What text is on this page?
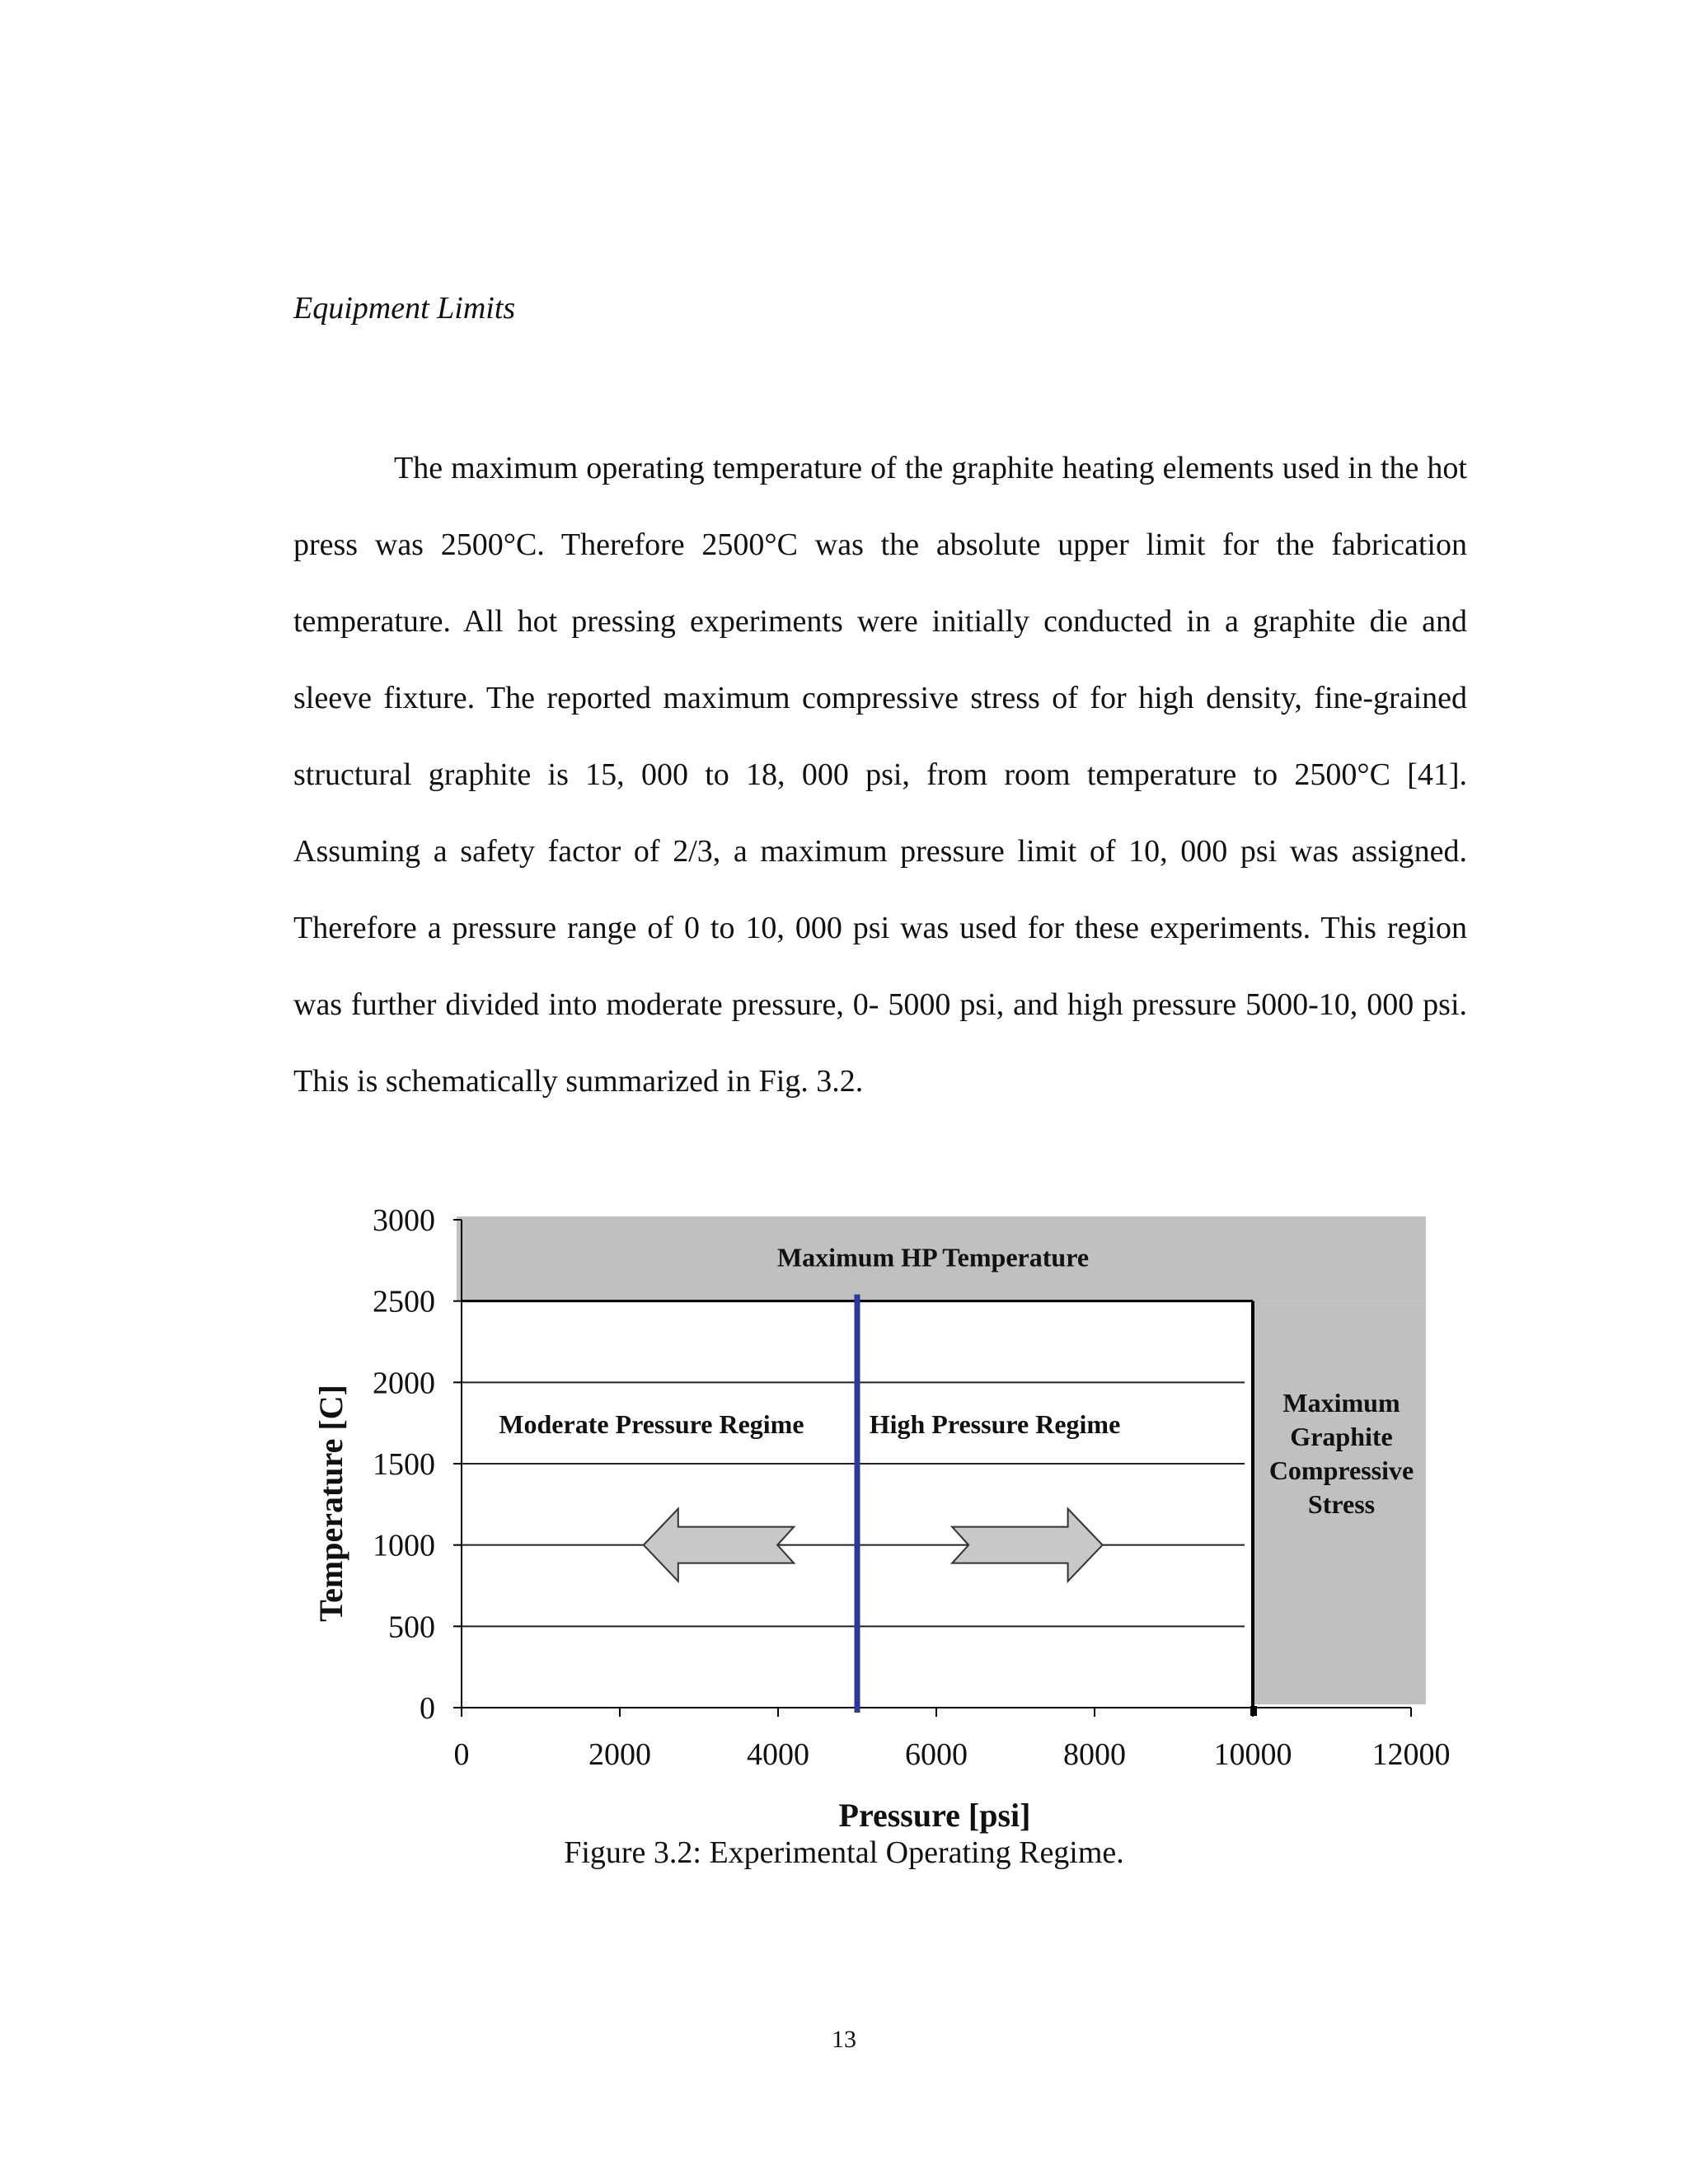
Equipment Limits

The maximum operating temperature of the graphite heating elements used in the hot press was 2500°C. Therefore 2500°C was the absolute upper limit for the fabrication temperature. All hot pressing experiments were initially conducted in a graphite die and sleeve fixture. The reported maximum compressive stress of for high density, fine-grained structural graphite is 15, 000 to 18, 000 psi, from room temperature to 2500°C [41]. Assuming a safety factor of 2/3, a maximum pressure limit of 10, 000 psi was assigned. Therefore a pressure range of 0 to 10, 000 psi was used for these experiments. This region was further divided into moderate pressure, 0- 5000 psi, and high pressure 5000-10, 000 psi. This is schematically summarized in Fig. 3.2.

0
500
1000
1500
2000
2500
3000
0	2000	4000	6000	8000	10000	12000
Pressure [psi]
Temperature [C]
Maximum HP Temperature
Moderate Pressure Regime High Pressure Regime
Maximum
Graphite
Compressive
Stress
Figure 3.2: Experimental Operating Regime.
13
